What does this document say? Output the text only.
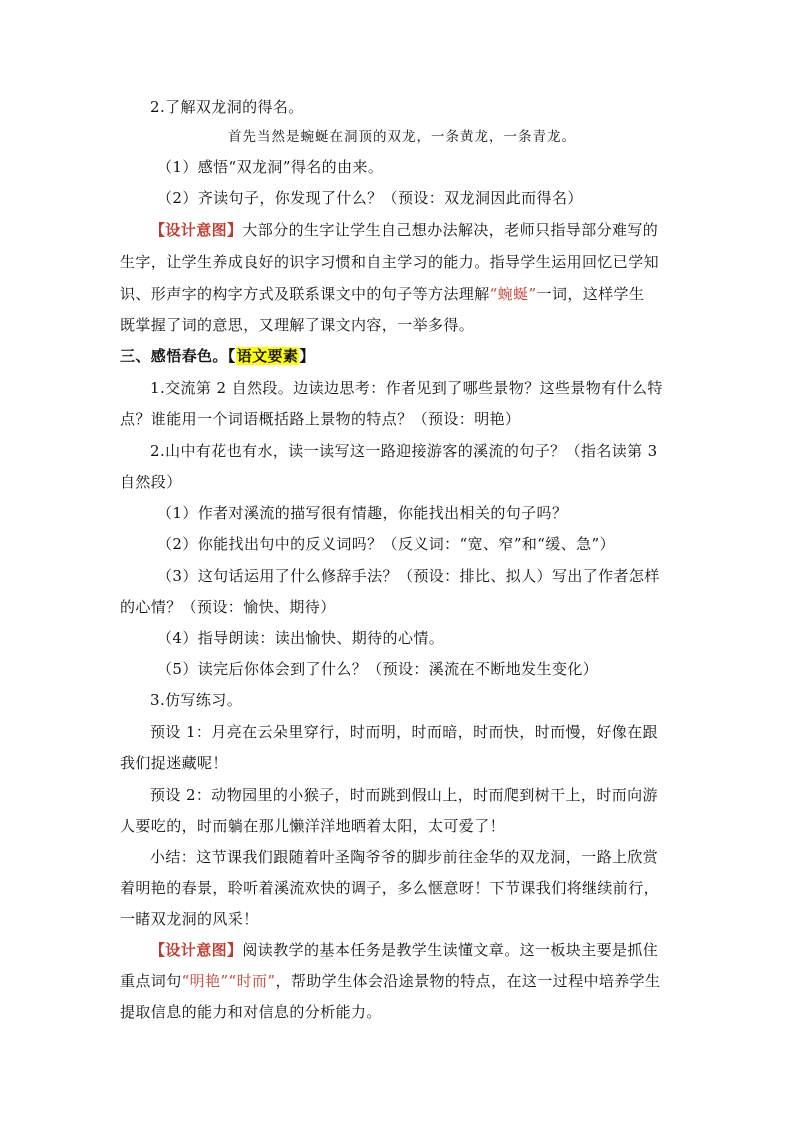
2.了解双龙洞的得名。
首先当然是蜿蜒在洞顶的双龙，一条黄龙，一条青龙。
（1）感悟“双龙洞”得名的由来。
（2）齐读句子，你发现了什么？（预设：双龙洞因此而得名）
【设计意图】大部分的生字让学生自己想办法解决，老师只指导部分难写的
生字，让学生养成良好的识字习惯和自主学习的能力。指导学生运用回忆已学知
识、形声字的构字方式及联系课文中的句子等方法理解“蜿蜒”一词，这样学生
既掌握了词的意思，又理解了课文内容，一举多得。
三、感悟春色。【语文要素】
1.交流第 2 自然段。边读边思考：作者见到了哪些景物？这些景物有什么特
点？谁能用一个词语概括路上景物的特点？（预设：明艳）
2.山中有花也有水，读一读写这一路迎接游客的溪流的句子？（指名读第 3
自然段）
（1）作者对溪流的描写很有情趣，你能找出相关的句子吗？
（2）你能找出句中的反义词吗？（反义词：“宽、窄”和“缓、急”）
（3）这句话运用了什么修辞手法？（预设：排比、拟人）写出了作者怎样
的心情？（预设：愉快、期待）
（4）指导朗读：读出愉快、期待的心情。
（5）读完后你体会到了什么？（预设：溪流在不断地发生变化）
3.仿写练习。
预设 1：月亮在云朵里穿行，时而明，时而暗，时而快，时而慢，好像在跟
我们捉迷藏呢！
预设 2：动物园里的小猴子，时而跳到假山上，时而爬到树干上，时而向游
人要吃的，时而躺在那儿懒洋洋地晒着太阳，太可爱了！
小结：这节课我们跟随着叶圣陶爷爷的脚步前往金华的双龙洞，一路上欣赏
着明艳的春景，聆听着溪流欢快的调子，多么惬意呀！下节课我们将继续前行，
一睹双龙洞的风采！
【设计意图】阅读教学的基本任务是教学生读懂文章。这一板块主要是抓住
重点词句“明艳”“时而”，帮助学生体会沿途景物的特点，在这一过程中培养学生
提取信息的能力和对信息的分析能力。
